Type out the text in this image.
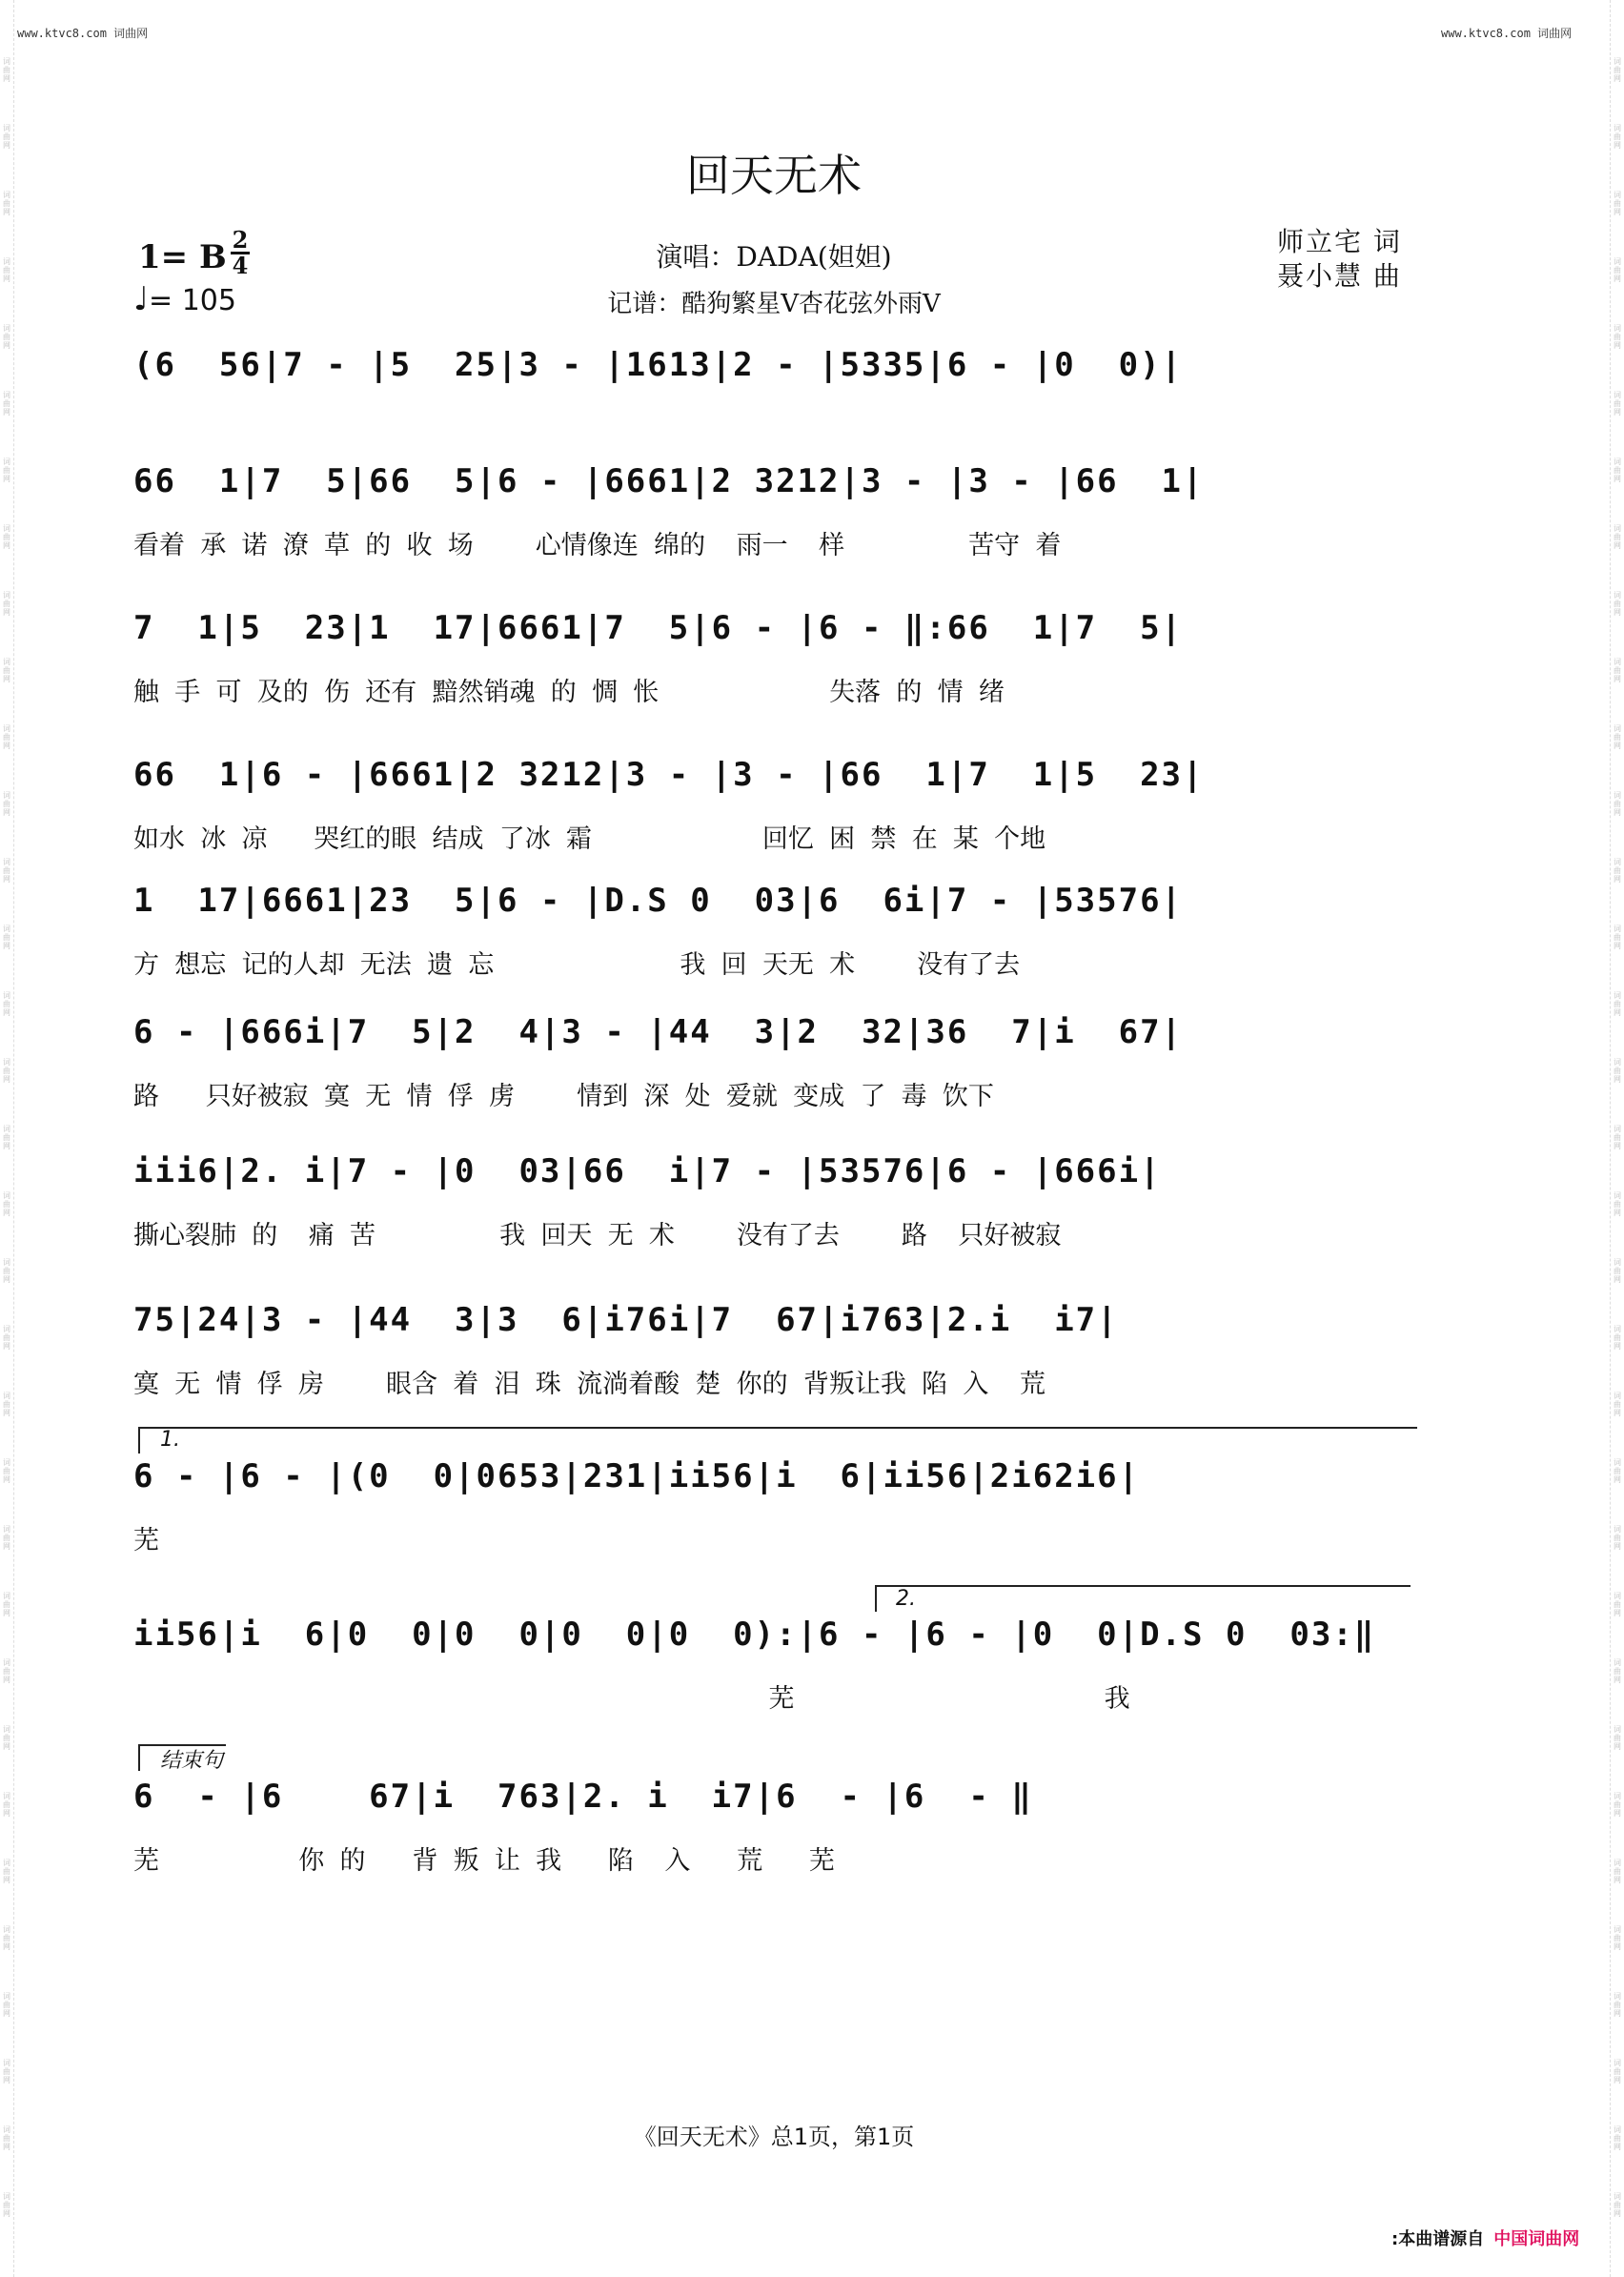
词曲网
词曲网
词曲网
词曲网
词曲网
词曲网
词曲网
词曲网
词曲网
词曲网
词曲网
词曲网
词曲网
词曲网
词曲网
词曲网
词曲网
词曲网
词曲网
词曲网
词曲网
词曲网
词曲网
词曲网
词曲网
词曲网
词曲网
词曲网
词曲网
词曲网
词曲网
词曲网
词曲网
词曲网
词曲网
词曲网
词曲网
词曲网
词曲网
词曲网
词曲网
词曲网
词曲网
词曲网
词曲网
词曲网
词曲网
词曲网
词曲网
词曲网
词曲网
词曲网
词曲网
词曲网
词曲网
词曲网
词曲网
词曲网
词曲网
词曲网
词曲网
词曲网
词曲网
词曲网
词曲网
词曲网
www.ktvc8.com 词曲网	www.ktvc8.com 词曲网
回天无术
1= B 2
4
♩= 105
演唱：DADA(妲妲)
记谱：酷狗繁星V杏花弦外雨V
师立宅 词
聂小慧 曲
(6  56|7 - |5  25|3 - |1613|2 - |5335|6 - |0  0)|
66  1|7  5|66  5|6 - |6661|2 3212|3 - |3 - |66  1|
看着 承 诺 潦 草 的 收 场    心情像连 绵的  雨一  样        苦守 着
7  1|5  23|1  17|6661|7  5|6 - |6 - ‖:66  1|7  5|
触 手 可 及的 伤 还有 黯然销魂 的 惆 怅           失落 的 情 绪
66  1|6 - |6661|2 3212|3 - |3 - |66  1|7  1|5  23|
如水 冰 凉   哭红的眼 结成 了冰 霜           回忆 困 禁 在 某 个地
1  17|6661|23  5|6 - |D.S 0  03|6  6i|7 - |53576|
方 想忘 记的人却 无法 遗 忘            我 回 天无 术    没有了去
6 - |666i|7  5|2  4|3 - |44  3|2  32|36  7|i  67|
路   只好被寂 寞 无 情 俘 虏    情到 深 处 爱就 变成 了 毒 饮下
iii6|2. i|7 - |0  03|66  i|7 - |53576|6 - |666i|
撕心裂肺 的  痛 苦        我 回天 无 术    没有了去    路  只好被寂
75|24|3 - |44  3|3  6|i76i|7  67|i763|2.i  i7|
寞 无 情 俘 房    眼含 着 泪 珠 流淌着酸 楚 你的 背叛让我 陷 入  荒
6 - |6 - |(0  0|0653|231|ii56|i  6|ii56|2i62i6|
芜
ii56|i  6|0  0|0  0|0  0|0  0):|6 - |6 - |0  0|D.S 0  03:‖
芜                    我
6  - |6    67|i  763|2. i  i7|6  - |6  - ‖
芜         你 的   背 叛 让 我   陷  入   荒   芜
1.
2.
结束句
《回天无术》总1页，第1页
:本曲谱源自 中国词曲网
